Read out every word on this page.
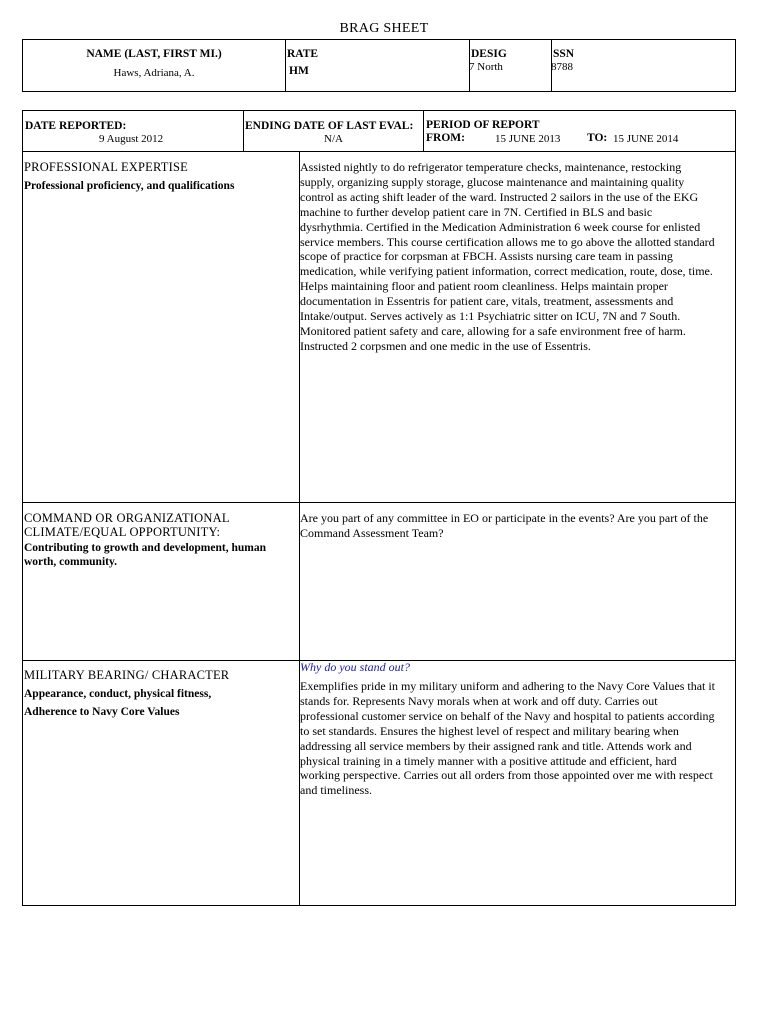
BRAG SHEET
NAME (LAST, FIRST MI.)
Haws, Adriana, A.
RATE
HM
DESIG
7 North
SSN
8788
DATE REPORTED:
9 August 2012
ENDING DATE OF LAST EVAL:
N/A
PERIOD OF REPORT
FROM:	15 JUNE 2013 TO: 15 JUNE 2014
PROFESSIONAL EXPERTISE
Professional proficiency, and qualifications
Assisted nightly to do refrigerator temperature checks, maintenance, restocking
supply, organizing supply storage, glucose maintenance and maintaining quality
control as acting shift leader of the ward. Instructed 2 sailors in the use of the EKG
machine to further develop patient care in 7N. Certified in BLS and basic
dysrhythmia. Certified in the Medication Administration 6 week course for enlisted
service members. This course certification allows me to go above the allotted standard
scope of practice for corpsman at FBCH. Assists nursing care team in passing
medication, while verifying patient information, correct medication, route, dose, time.
Helps maintaining floor and patient room cleanliness. Helps maintain proper
documentation in Essentris for patient care, vitals, treatment, assessments and
Intake/output. Serves actively as 1:1 Psychiatric sitter on ICU, 7N and 7 South.
Monitored patient safety and care, allowing for a safe environment free of harm.
Instructed 2 corpsmen and one medic in the use of Essentris.
COMMAND OR ORGANIZATIONAL
CLIMATE/EQUAL OPPORTUNITY:
Contributing to growth and development, human
worth, community.
Are you part of any committee in EO or participate in the events? Are you part of the
Command Assessment Team?
MILITARY BEARING/ CHARACTER
Appearance, conduct, physical fitness,
Adherence to Navy Core Values
Why do you stand out?
Exemplifies pride in my military uniform and adhering to the Navy Core Values that it
stands for. Represents Navy morals when at work and off duty. Carries out
professional customer service on behalf of the Navy and hospital to patients according
to set standards. Ensures the highest level of respect and military bearing when
addressing all service members by their assigned rank and title. Attends work and
physical training in a timely manner with a positive attitude and efficient, hard
working perspective. Carries out all orders from those appointed over me with respect
and timeliness.
